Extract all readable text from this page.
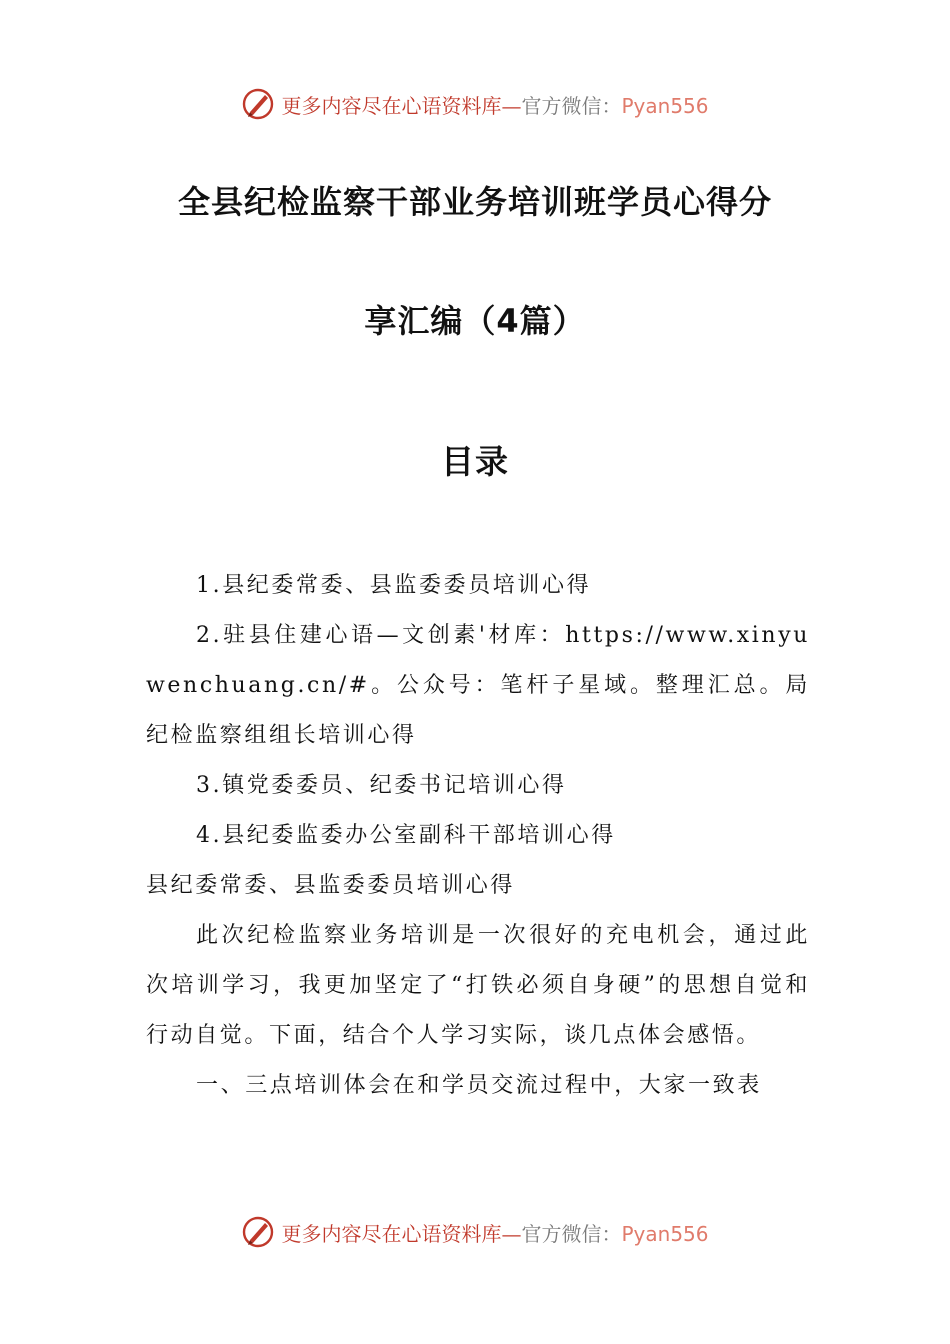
更多内容尽在心语资料库—官方微信：Pyan556
全县纪检监察干部业务培训班学员心得分
享汇编（4篇）
目录

1.县纪委常委、县监委委员培训心得

2.驻县住建心语—文创素'材库：https://www.xinyuwenchuang.cn/#。公众号：笔杆子星域。整理汇总。局纪检监察组组长培训心得

3.镇党委委员、纪委书记培训心得

4.县纪委监委办公室副科干部培训心得

县纪委常委、县监委委员培训心得

此次纪检监察业务培训是一次很好的充电机会，通过此次培训学习，我更加坚定了“打铁必须自身硬”的思想自觉和行动自觉。下面，结合个人学习实际，谈几点体会感悟。

一、三点培训体会在和学员交流过程中，大家一致表

更多内容尽在心语资料库—官方微信：Pyan556
